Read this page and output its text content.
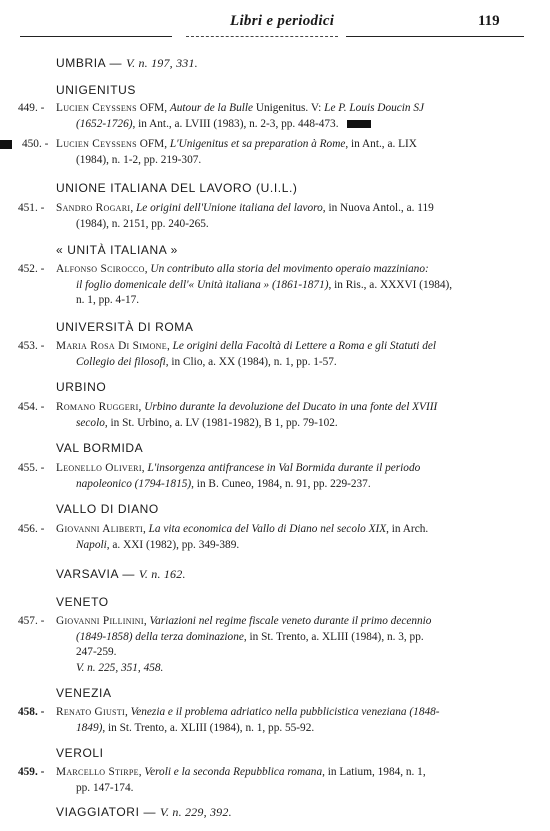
Libri e periodici	119
UMBRIA — V. n. 197, 331.
UNIGENITUS
449. - Lucien Ceyssens OFM, Autour de la Bulle Unigenitus. V: Le P. Louis Doucin SJ
(1652-1726), in Ant., a. LVIII (1983), n. 2-3, pp. 448-473.
450. - Lucien Ceyssens OFM, L'Unigenitus et sa preparation à Rome, in Ant., a. LIX
(1984), n. 1-2, pp. 219-307.
UNIONE ITALIANA DEL LAVORO (U.I.L.)
451. - Sandro Rogari, Le origini dell'Unione italiana del lavoro, in Nuova Antol., a. 119
(1984), n. 2151, pp. 240-265.
« UNITÀ ITALIANA »
452. - Alfonso Scirocco, Un contributo alla storia del movimento operaio mazziniano:
il foglio domenicale dell'« Unità italiana » (1861-1871), in Ris., a. XXXVI (1984),
n. 1, pp. 4-17.
UNIVERSITÀ DI ROMA
453. - Maria Rosa Di Simone, Le origini della Facoltà di Lettere a Roma e gli Statuti del
Collegio dei filosofi, in Clio, a. XX (1984), n. 1, pp. 1-57.
URBINO
454. - Romano Ruggeri, Urbino durante la devoluzione del Ducato in una fonte del XVIII
secolo, in St. Urbino, a. LV (1981-1982), B 1, pp. 79-102.
VAL BORMIDA
455. - Leonello Oliveri, L'insorgenza antifrancese in Val Bormida durante il periodo
napoleonico (1794-1815), in B. Cuneo, 1984, n. 91, pp. 229-237.
VALLO DI DIANO
456. - Giovanni Aliberti, La vita economica del Vallo di Diano nel secolo XIX, in Arch.
Napoli, a. XXI (1982), pp. 349-389.
VARSAVIA — V. n. 162.
VENETO
457. - Giovanni Pillinini, Variazioni nel regime fiscale veneto durante il primo decennio
(1849-1858) della terza dominazione, in St. Trento, a. XLIII (1984), n. 3, pp.
247-259.
V. n. 225, 351, 458.
VENEZIA
458. - Renato Giusti, Venezia e il problema adriatico nella pubblicistica veneziana (1848-
1849), in St. Trento, a. XLIII (1984), n. 1, pp. 55-92.
VEROLI
459. - Marcello Stirpe, Veroli e la seconda Repubblica romana, in Latium, 1984, n. 1,
pp. 147-174.
VIAGGIATORI — V. n. 229, 392.
